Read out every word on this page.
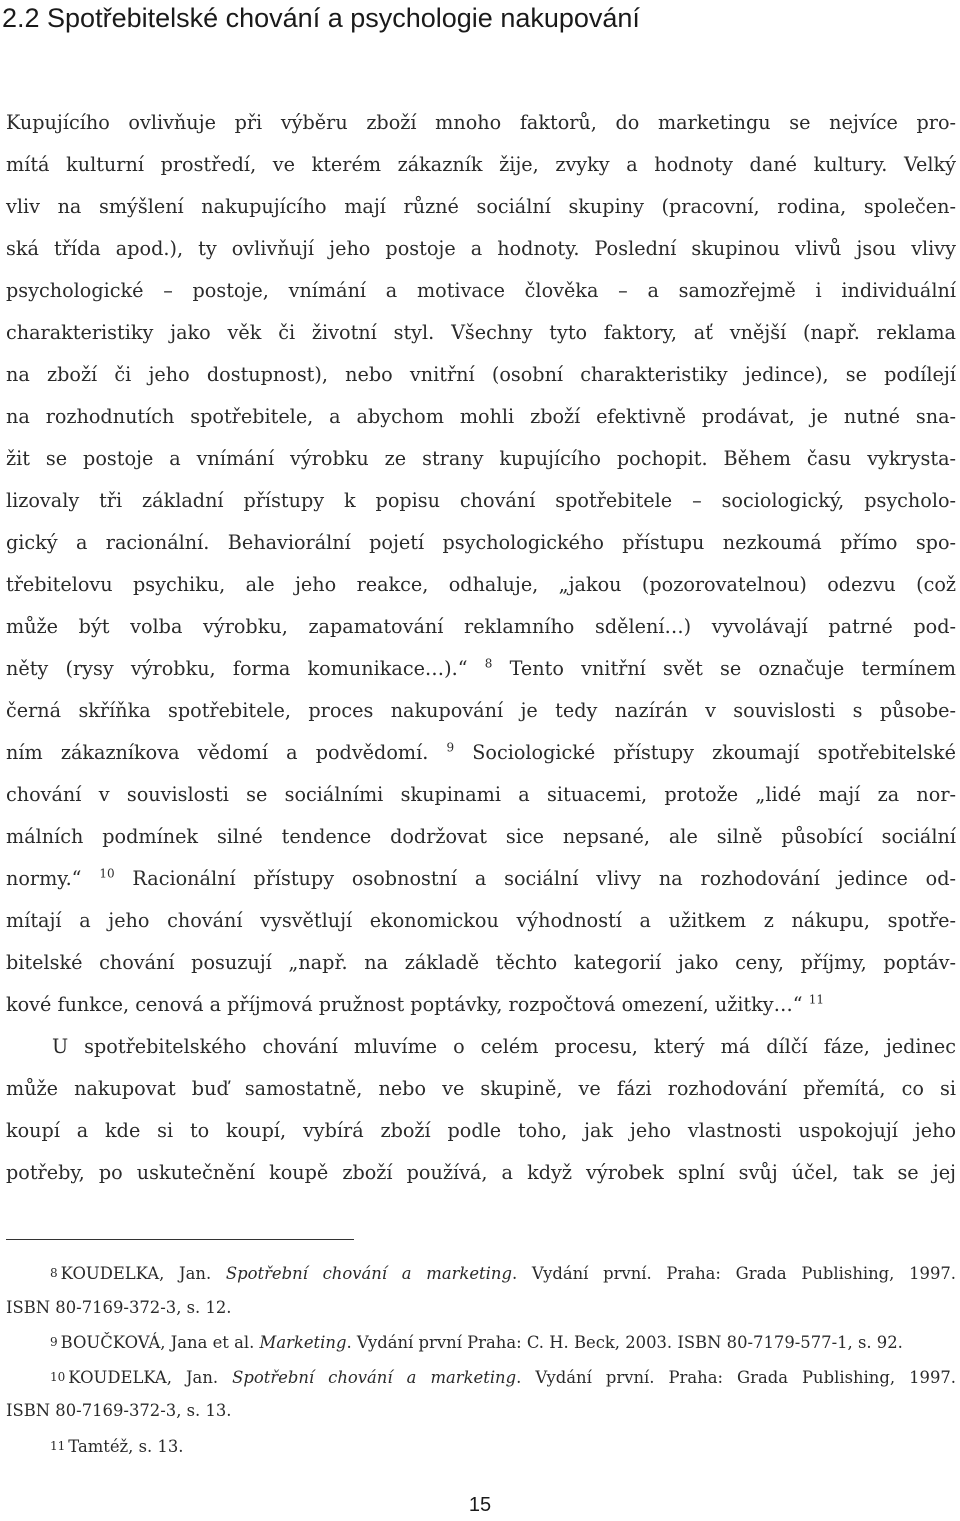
2.2 Spotřebitelské chování a psychologie nakupování
Kupujícího ovlivňuje při výběru zboží mnoho faktorů, do marketingu se nejvíce pro-
mítá kulturní prostředí, ve kterém zákazník žije, zvyky a hodnoty dané kultury. Velký
vliv na smýšlení nakupujícího mají různé sociální skupiny (pracovní, rodina, společen-
ská třída apod.), ty ovlivňují jeho postoje a hodnoty. Poslední skupinou vlivů jsou vlivy
psychologické – postoje, vnímání a motivace člověka – a samozřejmě i individuální
charakteristiky jako věk či životní styl. Všechny tyto faktory, ať vnější (např. reklama
na zboží či jeho dostupnost), nebo vnitřní (osobní charakteristiky jedince), se podílejí
na rozhodnutích spotřebitele, a abychom mohli zboží efektivně prodávat, je nutné sna-
žit se postoje a vnímání výrobku ze strany kupujícího pochopit. Během času vykrysta-
lizovaly tři základní přístupy k popisu chování spotřebitele – sociologický, psycholo-
gický a racionální. Behaviorální pojetí psychologického přístupu nezkoumá přímo spo-
třebitelovu psychiku, ale jeho reakce, odhaluje, „jakou (pozorovatelnou) odezvu (což
může být volba výrobku, zapamatování reklamního sdělení…) vyvolávají patrné pod-
něty (rysy výrobku, forma komunikace…).“ $^8$ Tento vnitřní svět se označuje termínem
černá skříňka spotřebitele, proces nakupování je tedy nazírán v souvislosti s působe-
ním zákazníkova vědomí a podvědomí. $^9$ Sociologické přístupy zkoumají spotřebitelské
chování v souvislosti se sociálními skupinami a situacemi, protože „lidé mají za nor-
málních podmínek silné tendence dodržovat sice nepsané, ale silně působící sociální
normy.“ $^{10}$ Racionální přístupy osobnostní a sociální vlivy na rozhodování jedince od-
mítají a jeho chování vysvětlují ekonomickou výhodností a užitkem z nákupu, spotře-
bitelské chování posuzují „např. na základě těchto kategorií jako ceny, příjmy, poptáv-
kové funkce, cenová a příjmová pružnost poptávky, rozpočtová omezení, užitky…“ $^{11}$
U spotřebitelského chování mluvíme o celém procesu, který má dílčí fáze, jedinec
může nakupovat buď samostatně, nebo ve skupině, ve fázi rozhodování přemítá, co si
koupí a kde si to koupí, vybírá zboží podle toho, jak jeho vlastnosti uspokojují jeho
potřeby, po uskutečnění koupě zboží používá, a když výrobek splní svůj účel, tak se jej
8 KOUDELKA, Jan. Spotřební chování a marketing. Vydání první. Praha: Grada Publishing, 1997.
ISBN 80-7169-372-3, s. 12.
9 BOUČKOVÁ, Jana et al. Marketing. Vydání první Praha: C. H. Beck, 2003. ISBN 80-7179-577-1, s. 92.
10 KOUDELKA, Jan. Spotřební chování a marketing. Vydání první. Praha: Grada Publishing, 1997.
ISBN 80-7169-372-3, s. 13.
11 Tamtéž, s. 13.
15
